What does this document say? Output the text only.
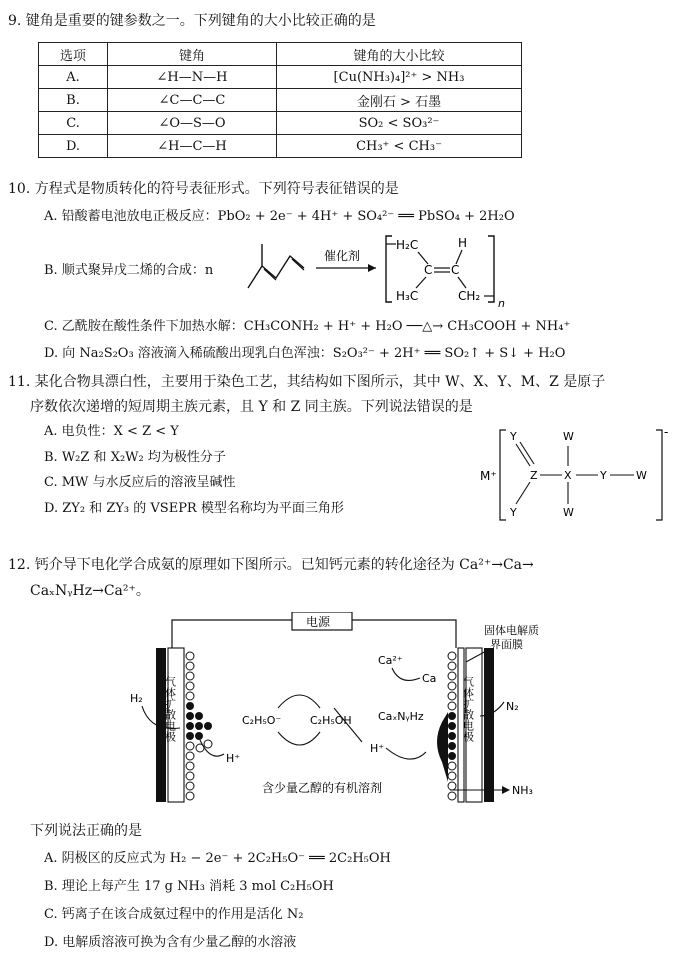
9. 键角是重要的键参数之一。下列键角的大小比较正确的是
选项	键角	键角的大小比较
A.	∠H—N—H	[Cu(NH₃)₄]²⁺ > NH₃
B.	∠C—C—C	金刚石 > 石墨
C.	∠O—S—O	SO₂ < SO₃²⁻
D.	∠H—C—H	CH₃⁺ < CH₃⁻
10. 方程式是物质转化的符号表征形式。下列符号表征错误的是
A. 铅酸蓄电池放电正极反应：PbO₂ + 2e⁻ + 4H⁺ + SO₄²⁻ ══ PbSO₄ + 2H₂O
B. 顺式聚异戊二烯的合成：n
催化剂
H₂C	H
C C
H₃C	CH₂
n
C. 乙酰胺在酸性条件下加热水解：CH₃CONH₂ + H⁺ + H₂O ──△→ CH₃COOH + NH₄⁺
D. 向 Na₂S₂O₃ 溶液滴入稀硫酸出现乳白色浑浊：S₂O₃²⁻ + 2H⁺ ══ SO₂↑ + S↓ + H₂O
11. 某化合物具漂白性，主要用于染色工艺，其结构如下图所示，其中 W、X、Y、M、Z 是原子
序数依次递增的短周期主族元素，且 Y 和 Z 同主族。下列说法错误的是
A. 电负性：X < Z < Y
B. W₂Z 和 X₂W₂ 均为极性分子
C. MW 与水反应后的溶液呈碱性
D. ZY₂ 和 ZY₃ 的 VSEPR 模型名称均为平面三角形
M⁺
-
Y
Z
Y
X
W
W
Y	W
12. 钙介导下电化学合成氨的原理如下图所示。已知钙元素的转化途径为 Ca²⁺→Ca→
CaₓNᵧHz→Ca²⁺。
电源
气体扩散电极
H₂
H⁺
C₂H₅O⁻	C₂H₅OH
H⁺
含少量乙醇的有机溶剂
Ca²⁺
Ca
CaₓNᵧHz	气体扩散电极
固体电解质
界面膜
N₂
NH₃
下列说法正确的是
A. 阴极区的反应式为 H₂ − 2e⁻ + 2C₂H₅O⁻ ══ 2C₂H₅OH
B. 理论上每产生 17 g NH₃ 消耗 3 mol C₂H₅OH
C. 钙离子在该合成氨过程中的作用是活化 N₂
D. 电解质溶液可换为含有少量乙醇的水溶液
